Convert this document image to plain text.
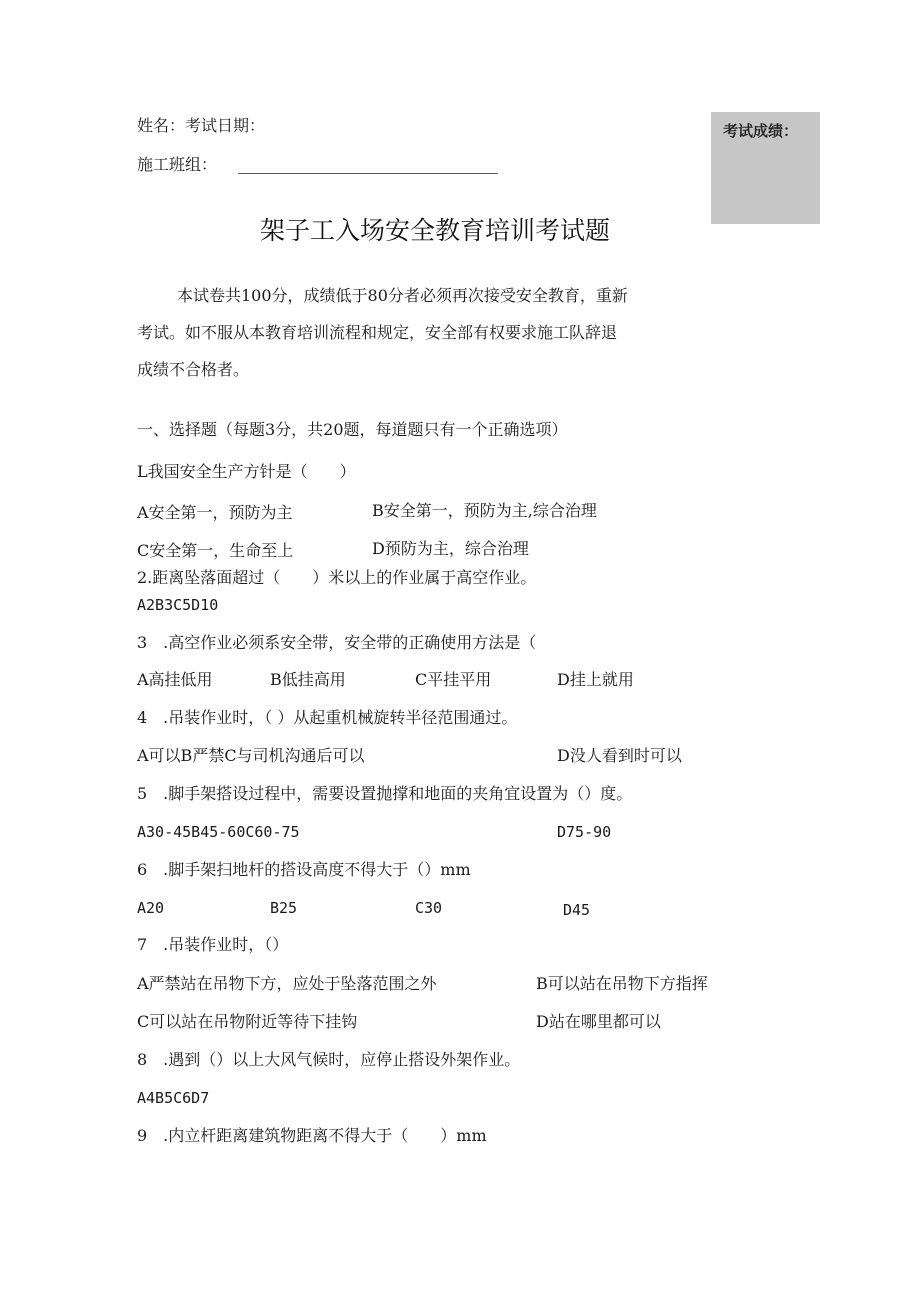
姓名：考试日期：
施工班组：
考试成绩：
架子工入场安全教育培训考试题
本试卷共100分，成绩低于80分者必须再次接受安全教育，重新
考试。如不服从本教育培训流程和规定，安全部有权要求施工队辞退
成绩不合格者。
一、选择题（每题3分，共20题，每道题只有一个正确选项）
L我国安全生产方针是（　　）
A安全第一，预防为主	B安全第一，预防为主,综合治理
C安全第一，生命至上	D预防为主，综合治理
2.距离坠落面超过（　　）米以上的作业属于高空作业。
A2B3C5D10
3　.高空作业必须系安全带，安全带的正确使用方法是（
A高挂低用	B低挂高用	C平挂平用	D挂上就用
4　.吊装作业时，（ ）从起重机械旋转半径范围通过。
A可以B严禁C与司机沟通后可以	D没人看到时可以
5　.脚手架搭设过程中，需要设置抛撑和地面的夹角宜设置为（）度。
A30-45B45-60C60-75	D75-90
6　.脚手架扫地杆的搭设高度不得大于（）mm
A20	B25	C30	D45
7　.吊装作业时，（）
A严禁站在吊物下方，应处于坠落范围之外	B可以站在吊物下方指挥
C可以站在吊物附近等待下挂钩	D站在哪里都可以
8　.遇到（）以上大风气候时，应停止搭设外架作业。
A4B5C6D7
9　.内立杆距离建筑物距离不得大于（　　）mm
